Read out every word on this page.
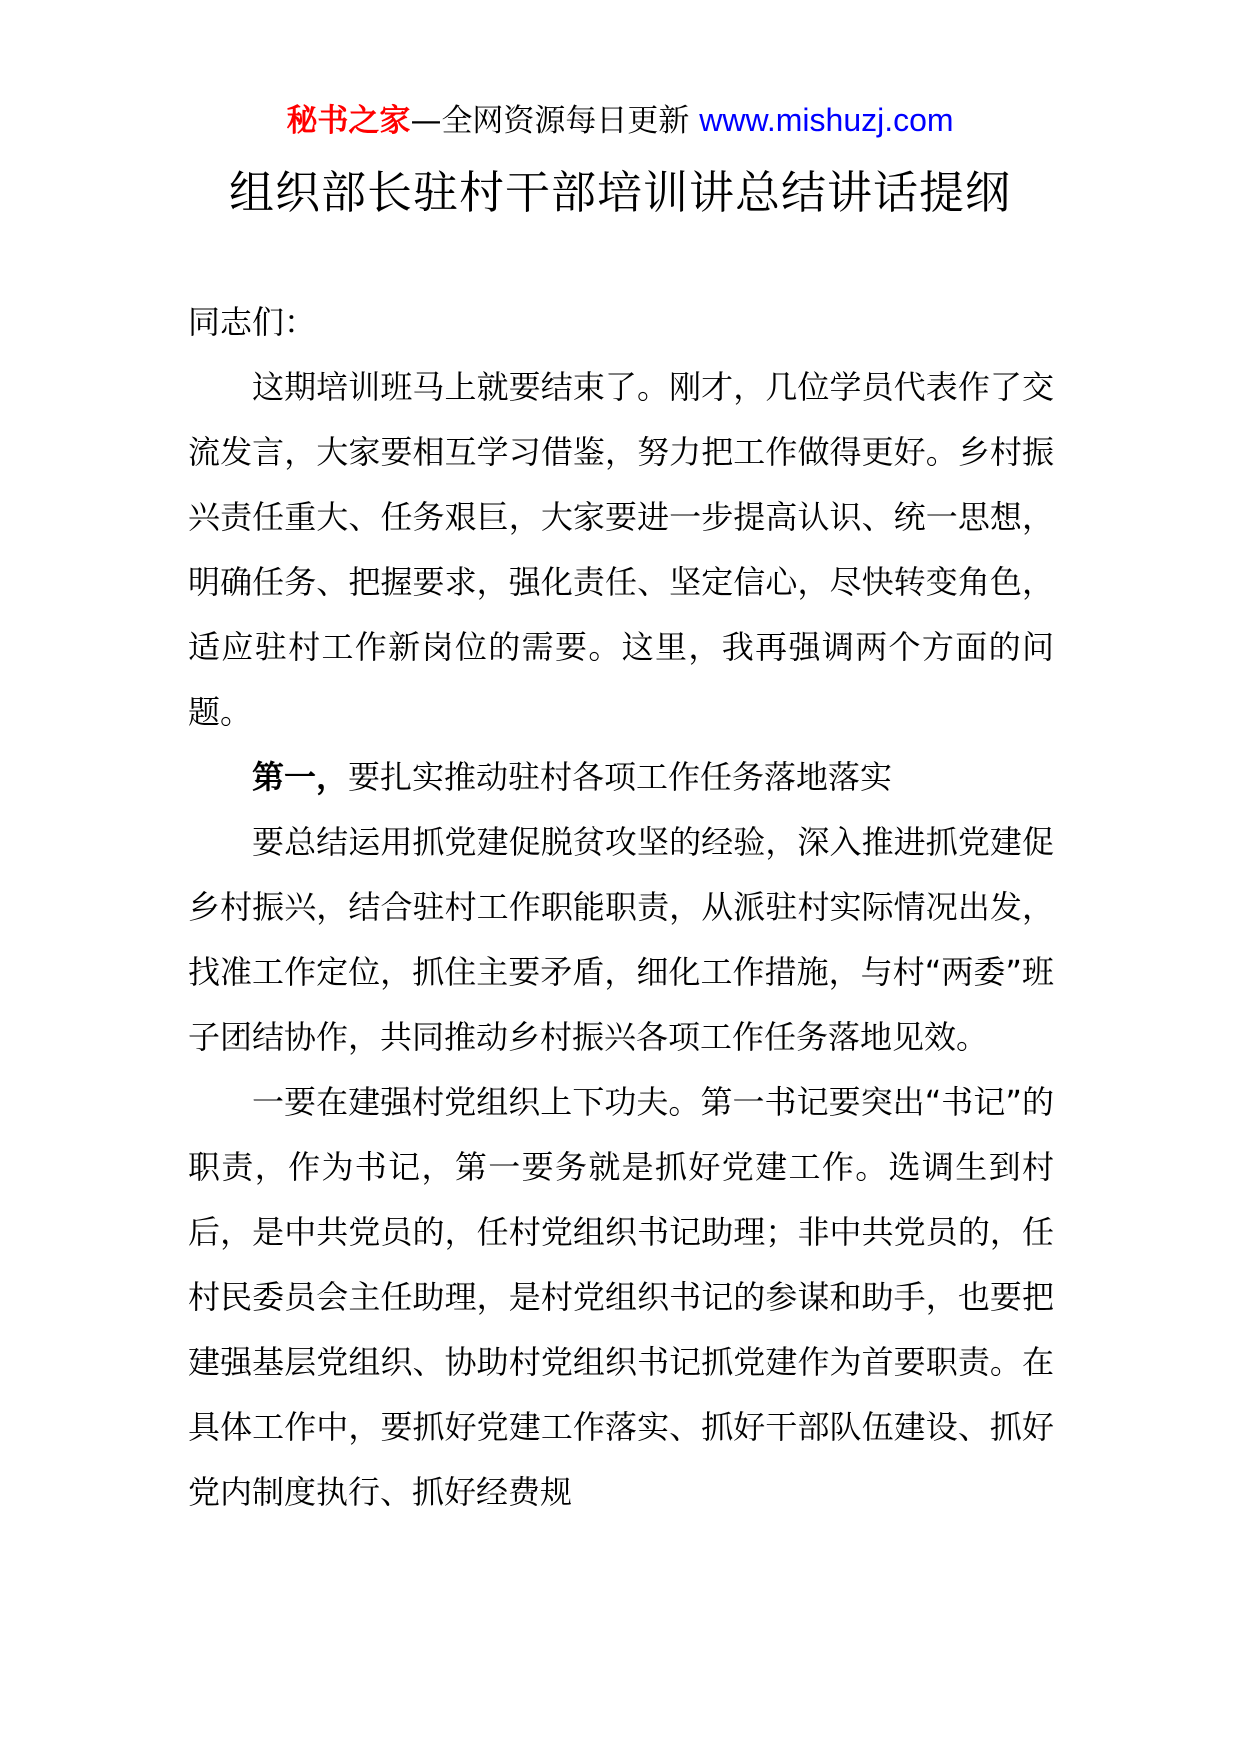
秘书之家—全网资源每日更新 www.mishuzj.com
组织部长驻村干部培训讲总结讲话提纲

同志们：

这期培训班马上就要结束了。刚才，几位学员代表作了交流发言，大家要相互学习借鉴，努力把工作做得更好。乡村振兴责任重大、任务艰巨，大家要进一步提高认识、统一思想，明确任务、把握要求，强化责任、坚定信心，尽快转变角色，适应驻村工作新岗位的需要。这里，我再强调两个方面的问题。

第一，要扎实推动驻村各项工作任务落地落实

要总结运用抓党建促脱贫攻坚的经验，深入推进抓党建促乡村振兴，结合驻村工作职能职责，从派驻村实际情况出发，找准工作定位，抓住主要矛盾，细化工作措施，与村“两委”班子团结协作，共同推动乡村振兴各项工作任务落地见效。

一要在建强村党组织上下功夫。第一书记要突出“书记”的职责，作为书记，第一要务就是抓好党建工作。选调生到村后，是中共党员的，任村党组织书记助理；非中共党员的，任村民委员会主任助理，是村党组织书记的参谋和助手，也要把建强基层党组织、协助村党组织书记抓党建作为首要职责。在具体工作中，要抓好党建工作落实、抓好干部队伍建设、抓好党内制度执行、抓好经费规
